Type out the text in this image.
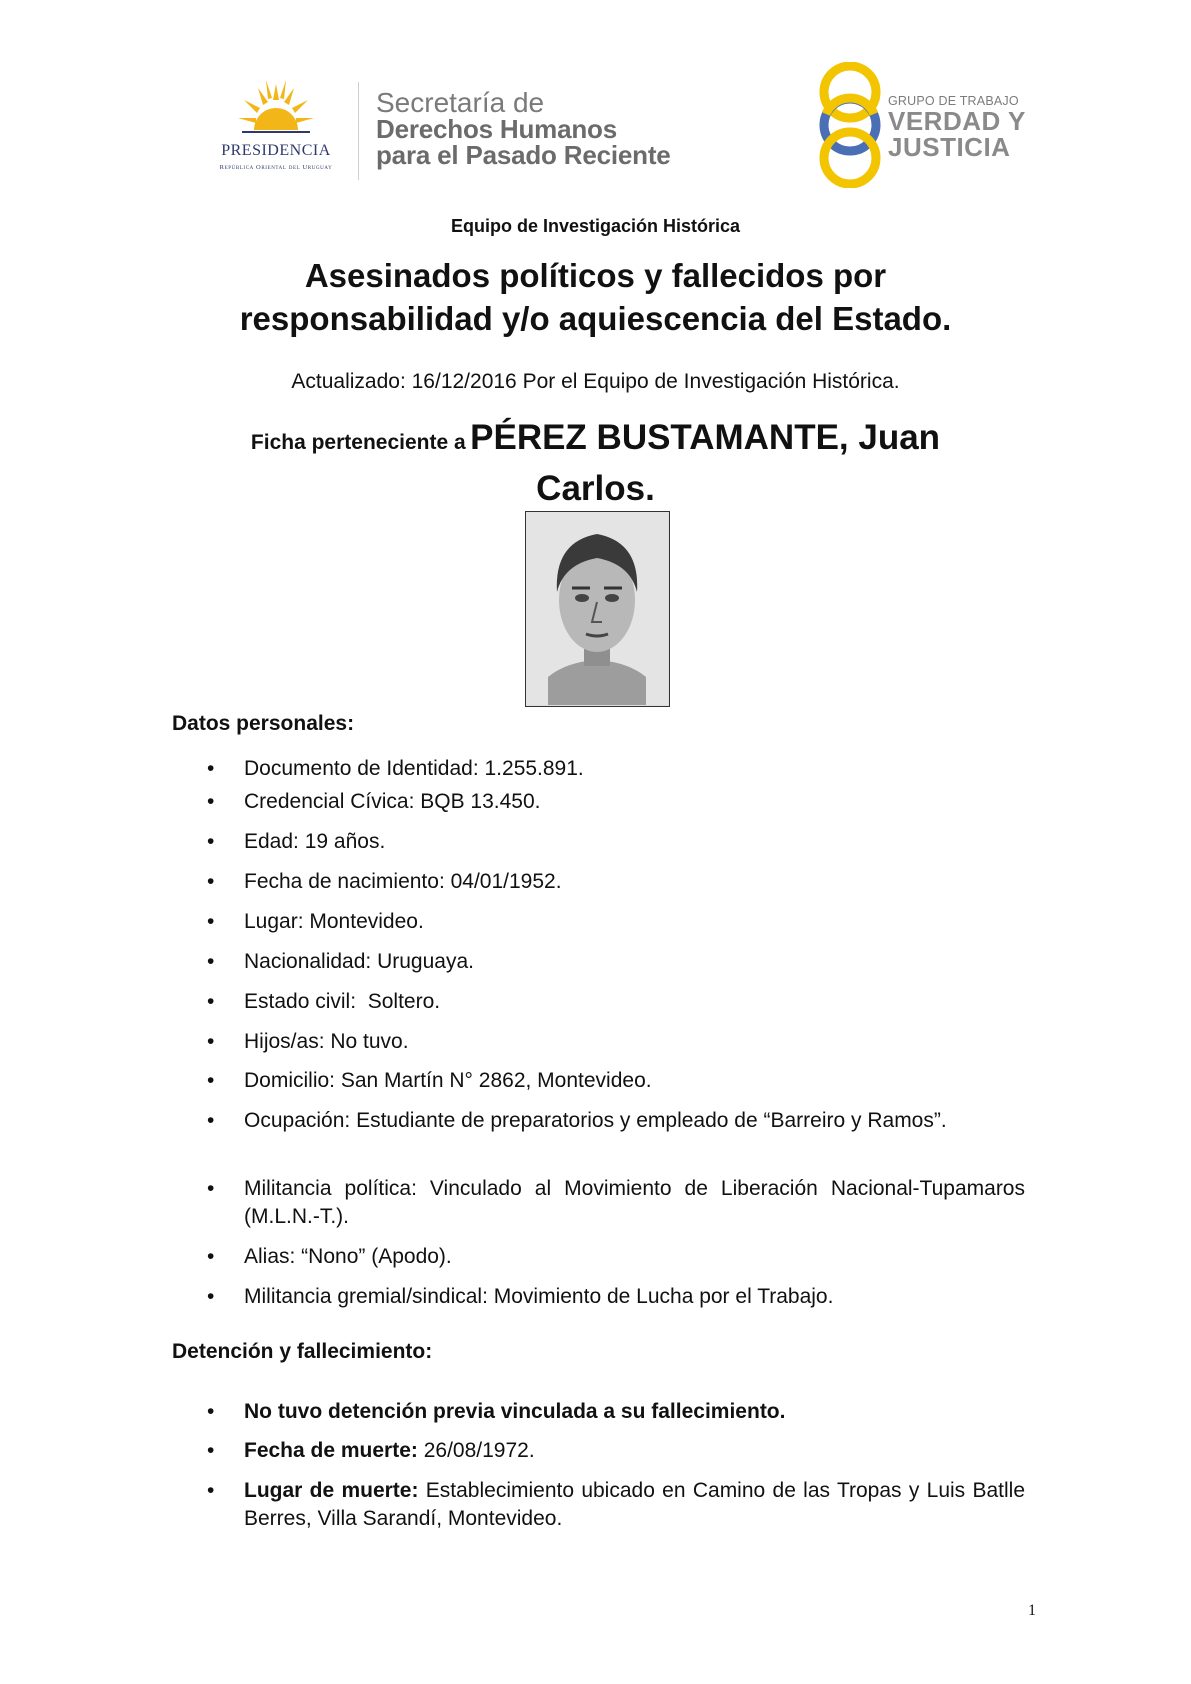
PRESIDENCIA
República Oriental del Uruguay
Secretaría de
Derechos Humanos
para el Pasado Reciente
GRUPO DE TRABAJO
VERDAD Y
JUSTICIA
Equipo de Investigación Histórica
Asesinados políticos y fallecidos por
responsabilidad y/o aquiescencia del Estado.
Actualizado: 16/12/2016 Por el Equipo de Investigación Histórica.
Ficha perteneciente a PÉREZ BUSTAMANTE, Juan
Carlos.
Datos personales:
• Documento de Identidad: 1.255.891.
• Credencial Cívica: BQB 13.450.
• Edad: 19 años.
• Fecha de nacimiento: 04/01/1952.
• Lugar: Montevideo.
• Nacionalidad: Uruguaya.
• Estado civil:  Soltero.
• Hijos/as: No tuvo.
• Domicilio: San Martín N° 2862, Montevideo.
• Ocupación: Estudiante de preparatorios y empleado de “Barreiro y Ramos”.
• Militancia política: Vinculado al Movimiento de Liberación Nacional-Tupamaros (M.L.N.-T.).
• Alias: “Nono” (Apodo).
• Militancia gremial/sindical: Movimiento de Lucha por el Trabajo.
Detención y fallecimiento:
• No tuvo detención previa vinculada a su fallecimiento.
• Fecha de muerte: 26/08/1972.
• Lugar de muerte: Establecimiento ubicado en Camino de las Tropas y Luis Batlle Berres, Villa Sarandí, Montevideo.
1
